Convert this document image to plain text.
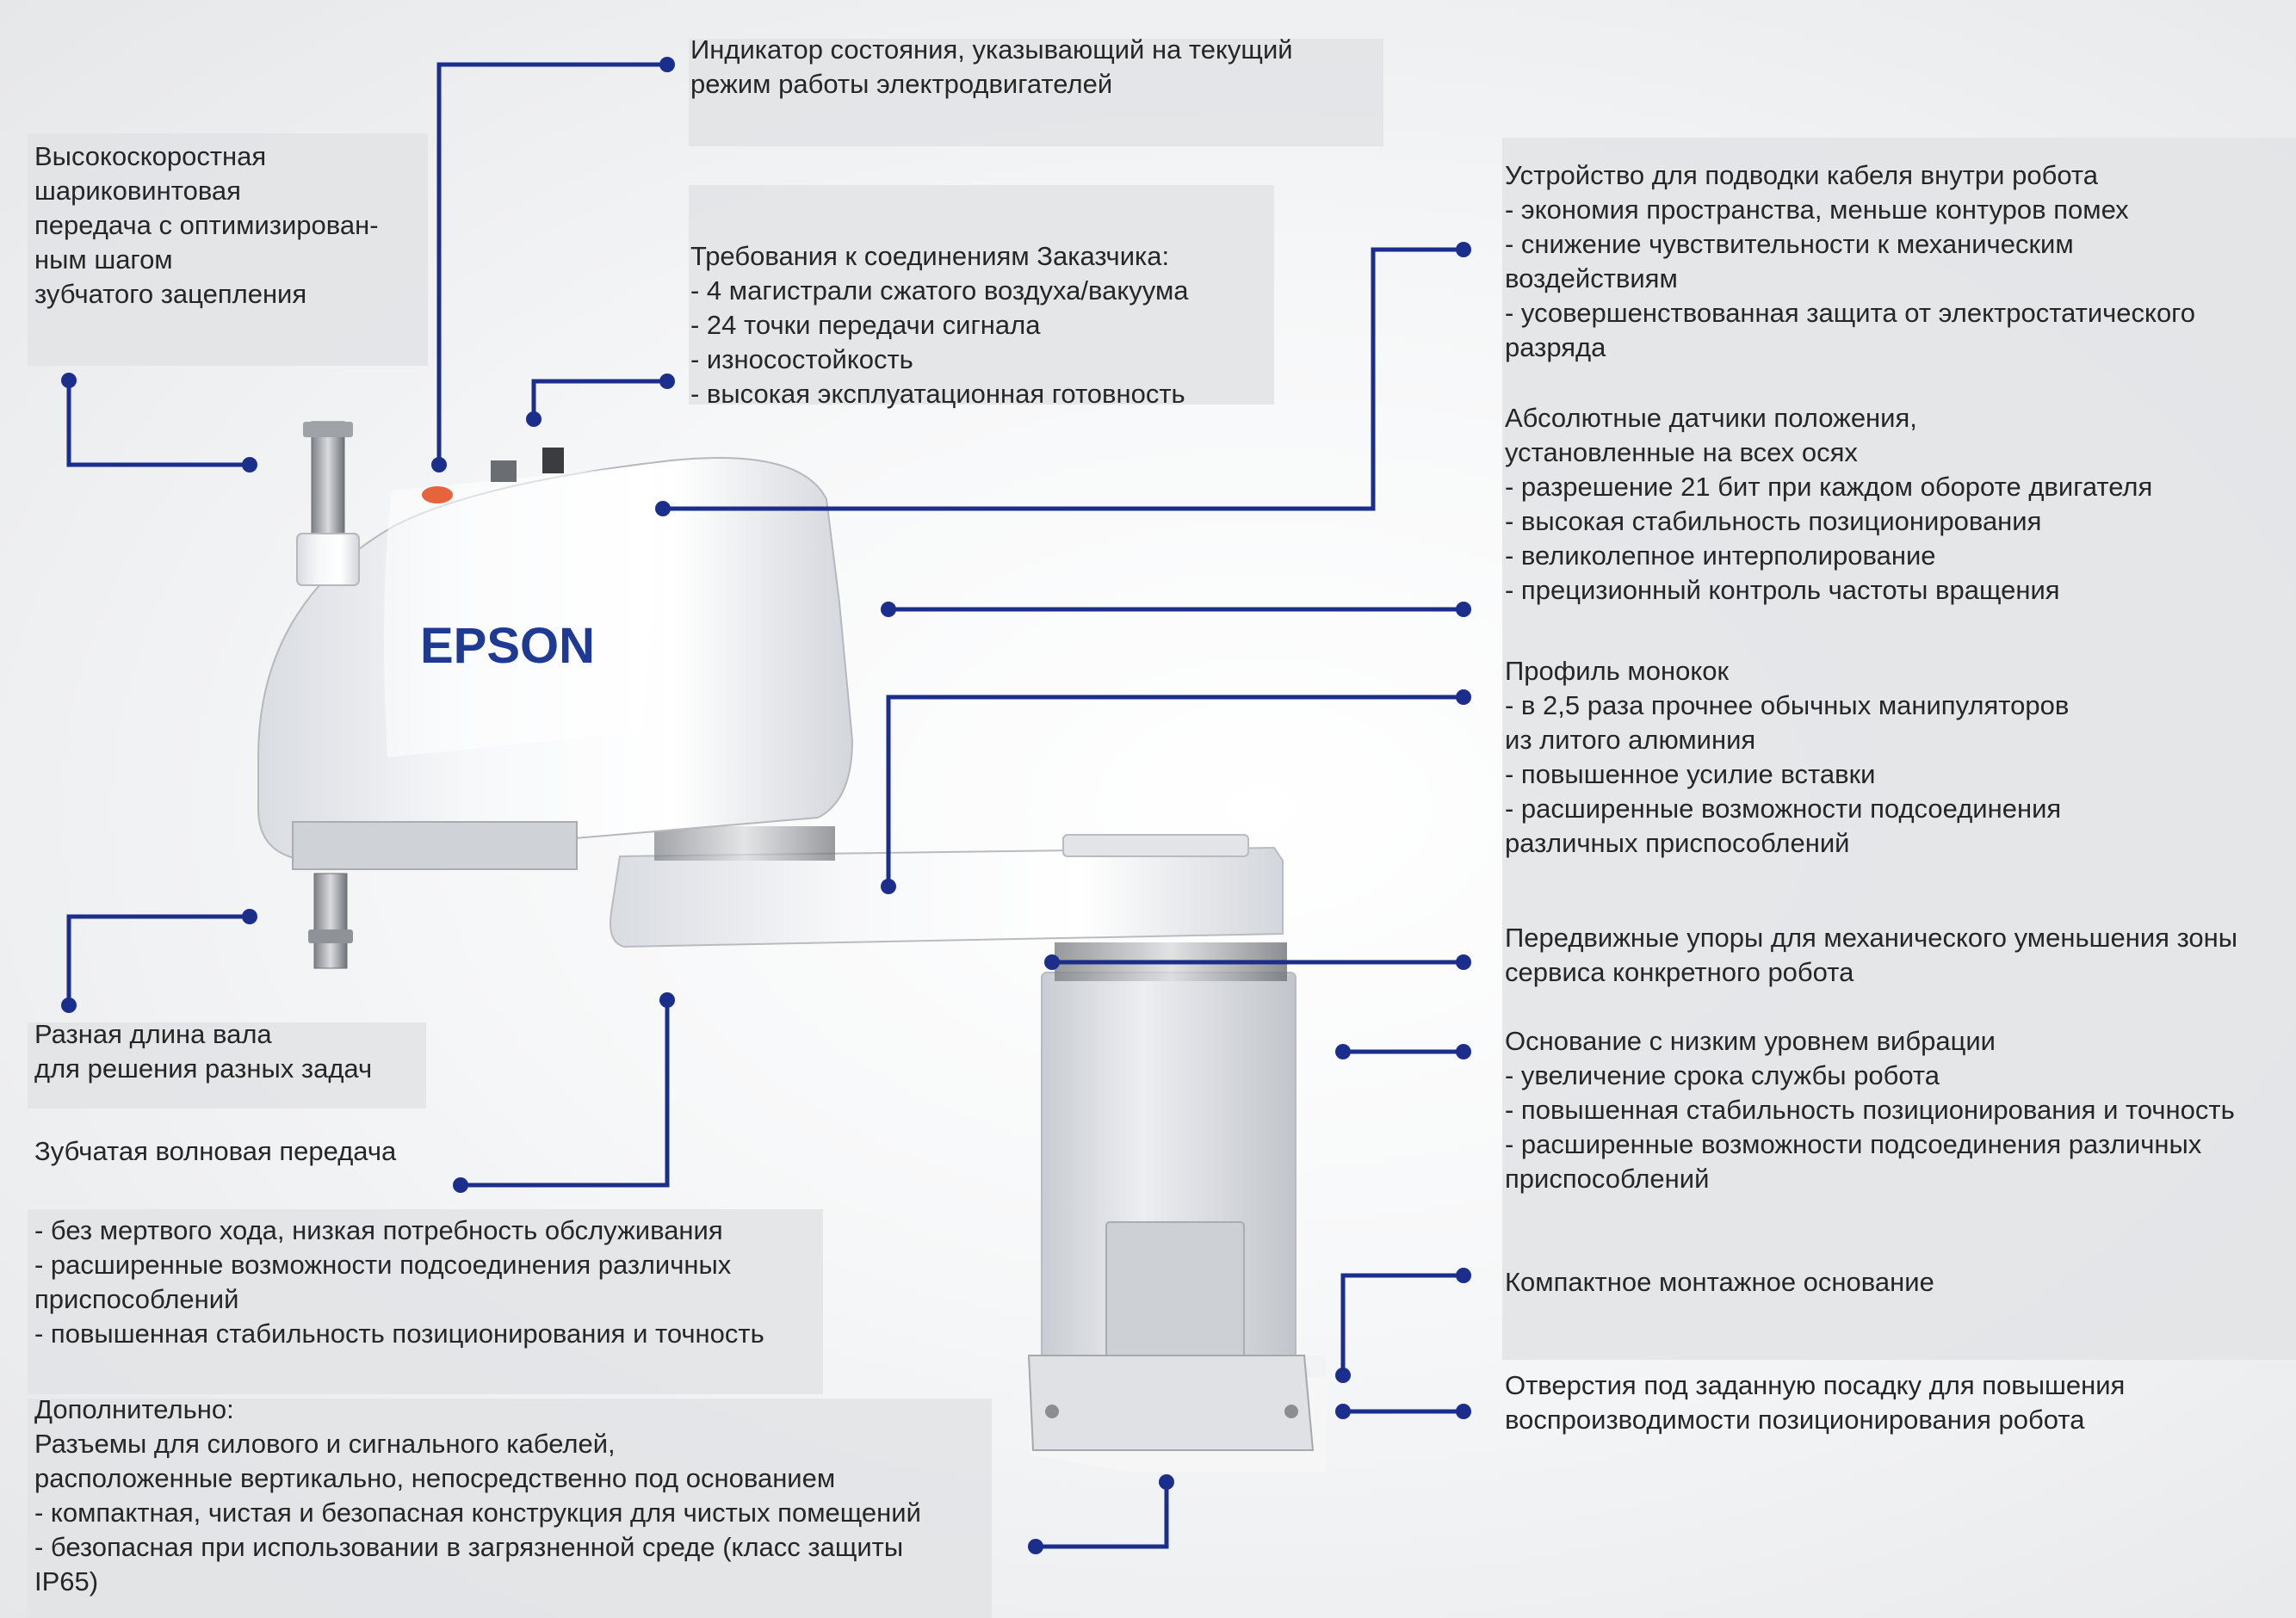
EPSON
Индикатор состояния, указывающий на текущий
режим работы электродвигателей
Высокоскоростная
шариковинтовая
передача с оптимизирован-
ным шагом
зубчатого зацепления
Требования к соединениям Заказчика:
- 4 магистрали сжатого воздуха/вакуума
- 24 точки передачи сигнала
- износостойкость
- высокая эксплуатационная готовность
Устройство для подводки кабеля внутри робота
- экономия пространства, меньше контуров помех
- снижение чувствительности к механическим
воздействиям
- усовершенствованная защита от электростатического
разряда
Абсолютные датчики положения,
установленные на всех осях
- разрешение 21 бит при каждом обороте двигателя
- высокая стабильность позиционирования
- великолепное интерполирование
- прецизионный контроль частоты вращения
Профиль монокок
- в 2,5 раза прочнее обычных манипуляторов
из литого алюминия
- повышенное усилие вставки
- расширенные возможности подсоединения
различных приспособлений
Передвижные упоры для механического уменьшения зоны
сервиса конкретного робота
Основание с низким уровнем вибрации
- увеличение срока службы робота
- повышенная стабильность позиционирования и точность
- расширенные возможности подсоединения различных
приспособлений
Компактное монтажное основание
Отверстия под заданную посадку для повышения
воспроизводимости позиционирования робота
Разная длина вала
для решения разных задач
Зубчатая волновая передача
- без мертвого хода, низкая потребность обслуживания
- расширенные возможности подсоединения различных
приспособлений
- повышенная стабильность позиционирования и точность
Дополнительно:
Разъемы для силового и сигнального кабелей,
расположенные вертикально, непосредственно под основанием
- компактная, чистая и безопасная конструкция для чистых помещений
- безопасная при использовании в загрязненной среде (класс защиты
IP65)
